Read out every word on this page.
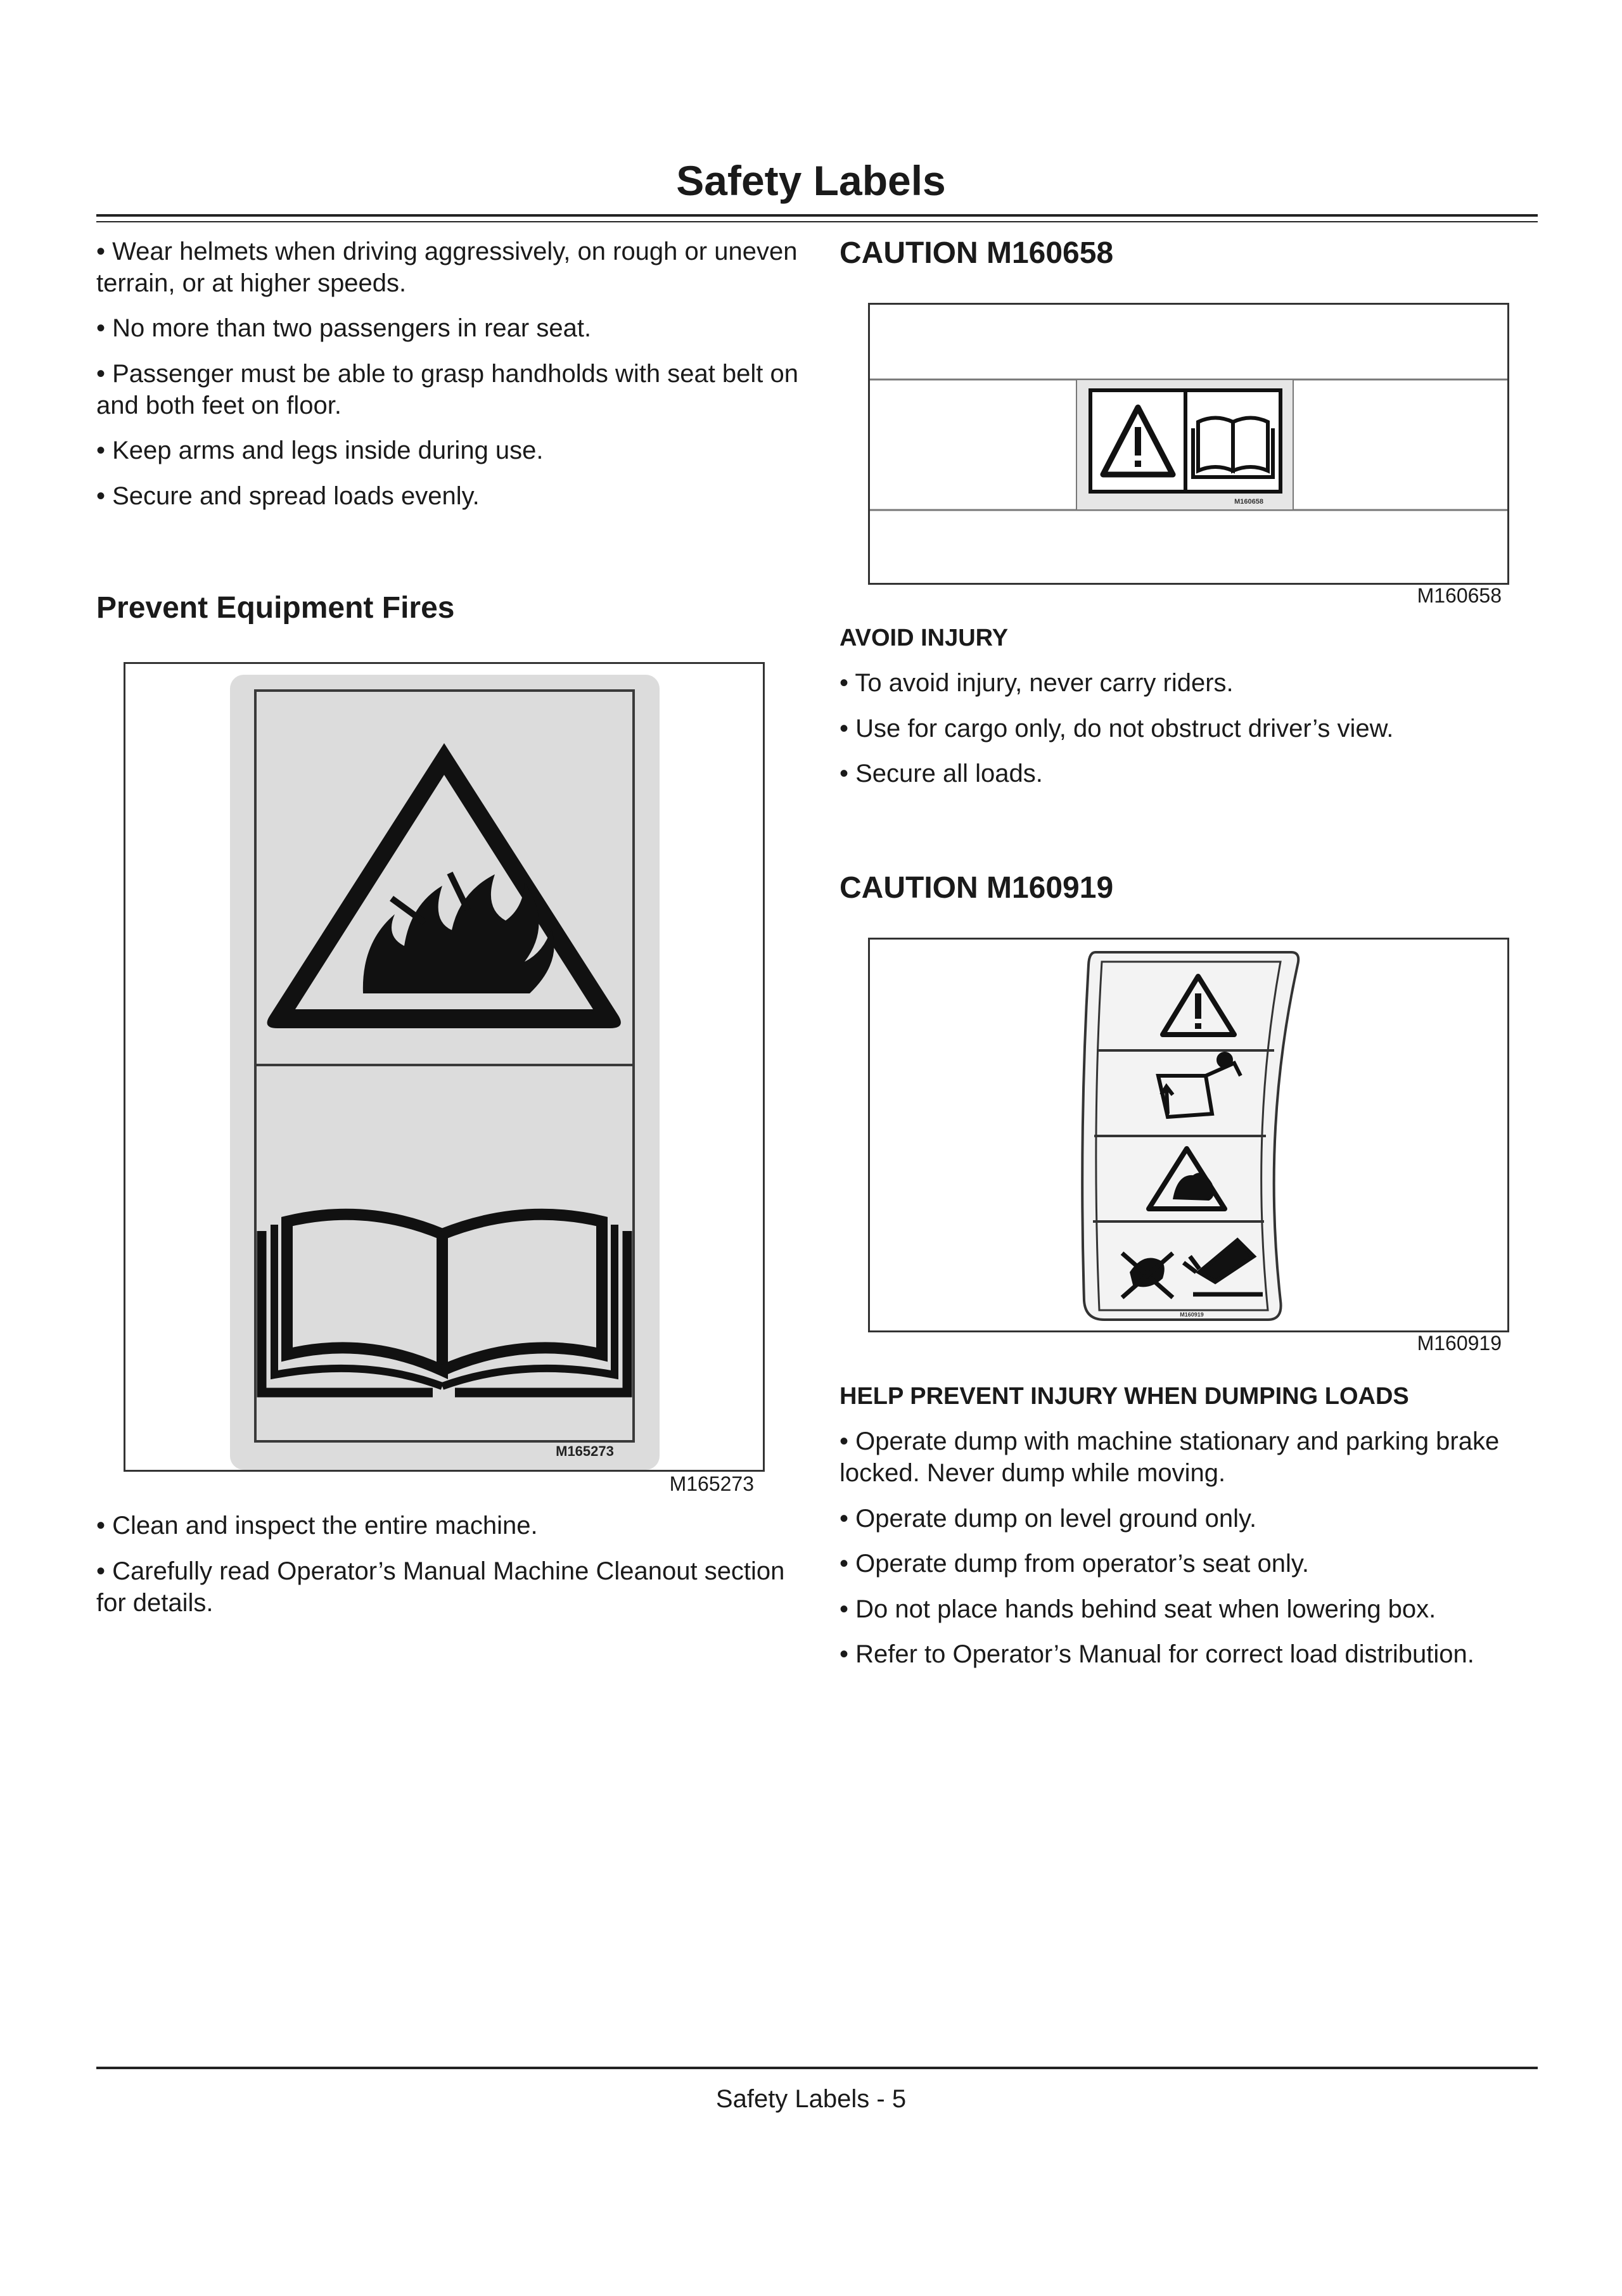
Safety Labels

• Wear helmets when driving aggressively, on rough or uneven terrain, or at higher speeds.

• No more than two passengers in rear seat.

• Passenger must be able to grasp handholds with seat belt on and both feet on floor.

• Keep arms and legs inside during use.

• Secure and spread loads evenly.

Prevent Equipment Fires
M165273
M165273

• Clean and inspect the entire machine.

• Carefully read Operator’s Manual Machine Cleanout section for details.

CAUTION M160658
M160658
M160658
AVOID INJURY

• To avoid injury, never carry riders.

• Use for cargo only, do not obstruct driver’s view.

• Secure all loads.

CAUTION M160919
M160919
M160919
HELP PREVENT INJURY WHEN DUMPING LOADS

• Operate dump with machine stationary and parking brake locked. Never dump while moving.

• Operate dump on level ground only.

• Operate dump from operator’s seat only.

• Do not place hands behind seat when lowering box.

• Refer to Operator’s Manual for correct load distribution.

Safety Labels - 5
